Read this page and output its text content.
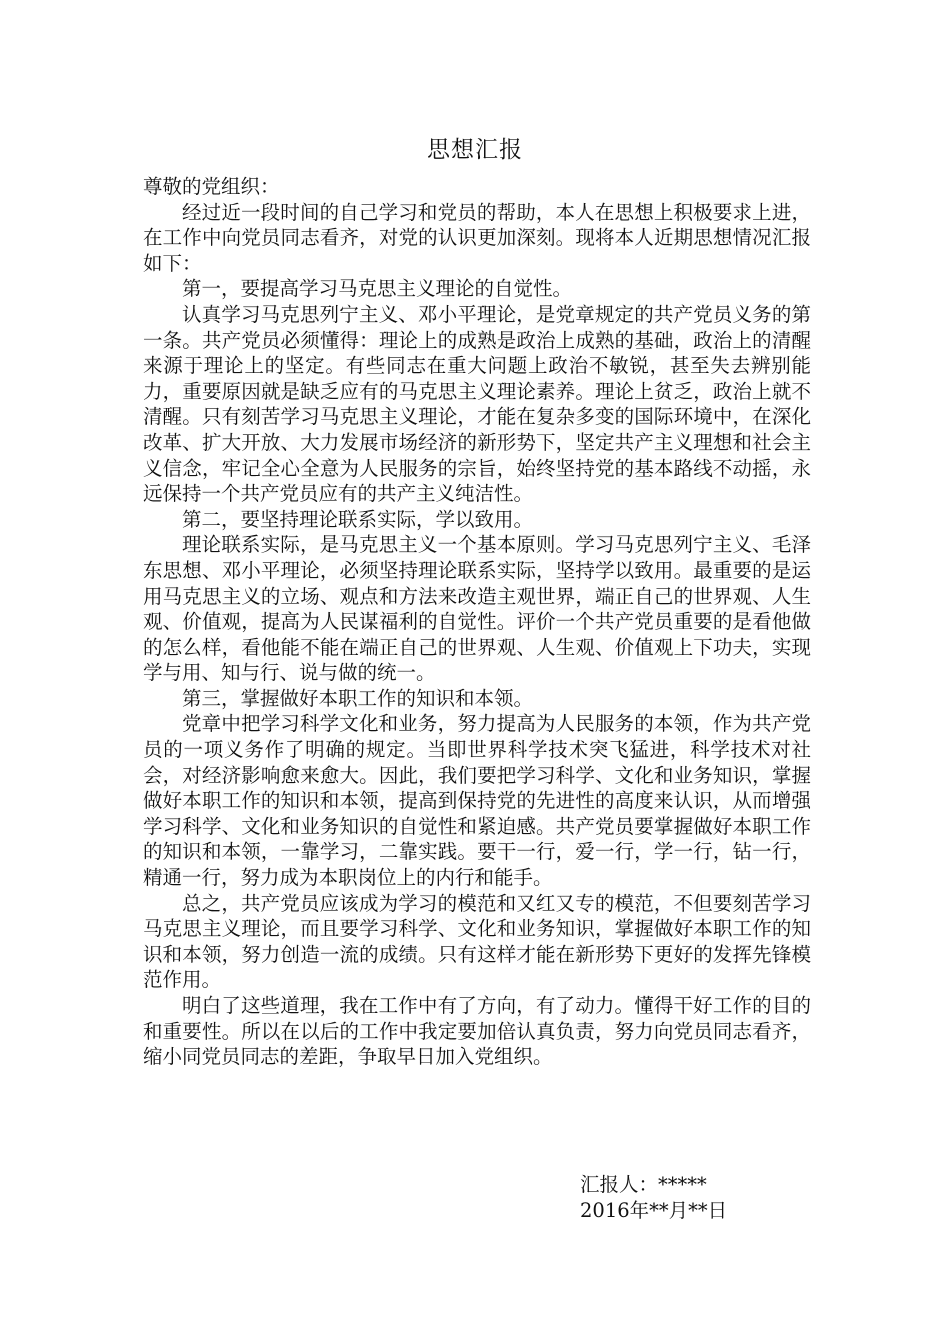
思想汇报

尊敬的党组织：

经过近一段时间的自己学习和党员的帮助，本人在思想上积极要求上进，在工作中向党员同志看齐，对党的认识更加深刻。现将本人近期思想情况汇报如下：

第一，要提高学习马克思主义理论的自觉性。

认真学习马克思列宁主义、邓小平理论，是党章规定的共产党员义务的第一条。共产党员必须懂得：理论上的成熟是政治上成熟的基础，政治上的清醒来源于理论上的坚定。有些同志在重大问题上政治不敏锐，甚至失去辨别能力，重要原因就是缺乏应有的马克思主义理论素养。理论上贫乏，政治上就不清醒。只有刻苦学习马克思主义理论，才能在复杂多变的国际环境中，在深化改革、扩大开放、大力发展市场经济的新形势下，坚定共产主义理想和社会主义信念，牢记全心全意为人民服务的宗旨，始终坚持党的基本路线不动摇，永远保持一个共产党员应有的共产主义纯洁性。

第二，要坚持理论联系实际，学以致用。

理论联系实际，是马克思主义一个基本原则。学习马克思列宁主义、毛泽东思想、邓小平理论，必须坚持理论联系实际，坚持学以致用。最重要的是运用马克思主义的立场、观点和方法来改造主观世界，端正自己的世界观、人生观、价值观，提高为人民谋福利的自觉性。评价一个共产党员重要的是看他做的怎么样，看他能不能在端正自己的世界观、人生观、价值观上下功夫，实现学与用、知与行、说与做的统一。

第三，掌握做好本职工作的知识和本领。

党章中把学习科学文化和业务，努力提高为人民服务的本领，作为共产党员的一项义务作了明确的规定。当即世界科学技术突飞猛进，科学技术对社会，对经济影响愈来愈大。因此，我们要把学习科学、文化和业务知识，掌握做好本职工作的知识和本领，提高到保持党的先进性的高度来认识，从而增强学习科学、文化和业务知识的自觉性和紧迫感。共产党员要掌握做好本职工作的知识和本领，一靠学习，二靠实践。要干一行，爱一行，学一行，钻一行，精通一行，努力成为本职岗位上的内行和能手。

总之，共产党员应该成为学习的模范和又红又专的模范，不但要刻苦学习马克思主义理论，而且要学习科学、文化和业务知识，掌握做好本职工作的知识和本领，努力创造一流的成绩。只有这样才能在新形势下更好的发挥先锋模范作用。

明白了这些道理，我在工作中有了方向，有了动力。懂得干好工作的目的和重要性。所以在以后的工作中我定要加倍认真负责，努力向党员同志看齐，缩小同党员同志的差距，争取早日加入党组织。

汇报人：*****
2016年**月**日
